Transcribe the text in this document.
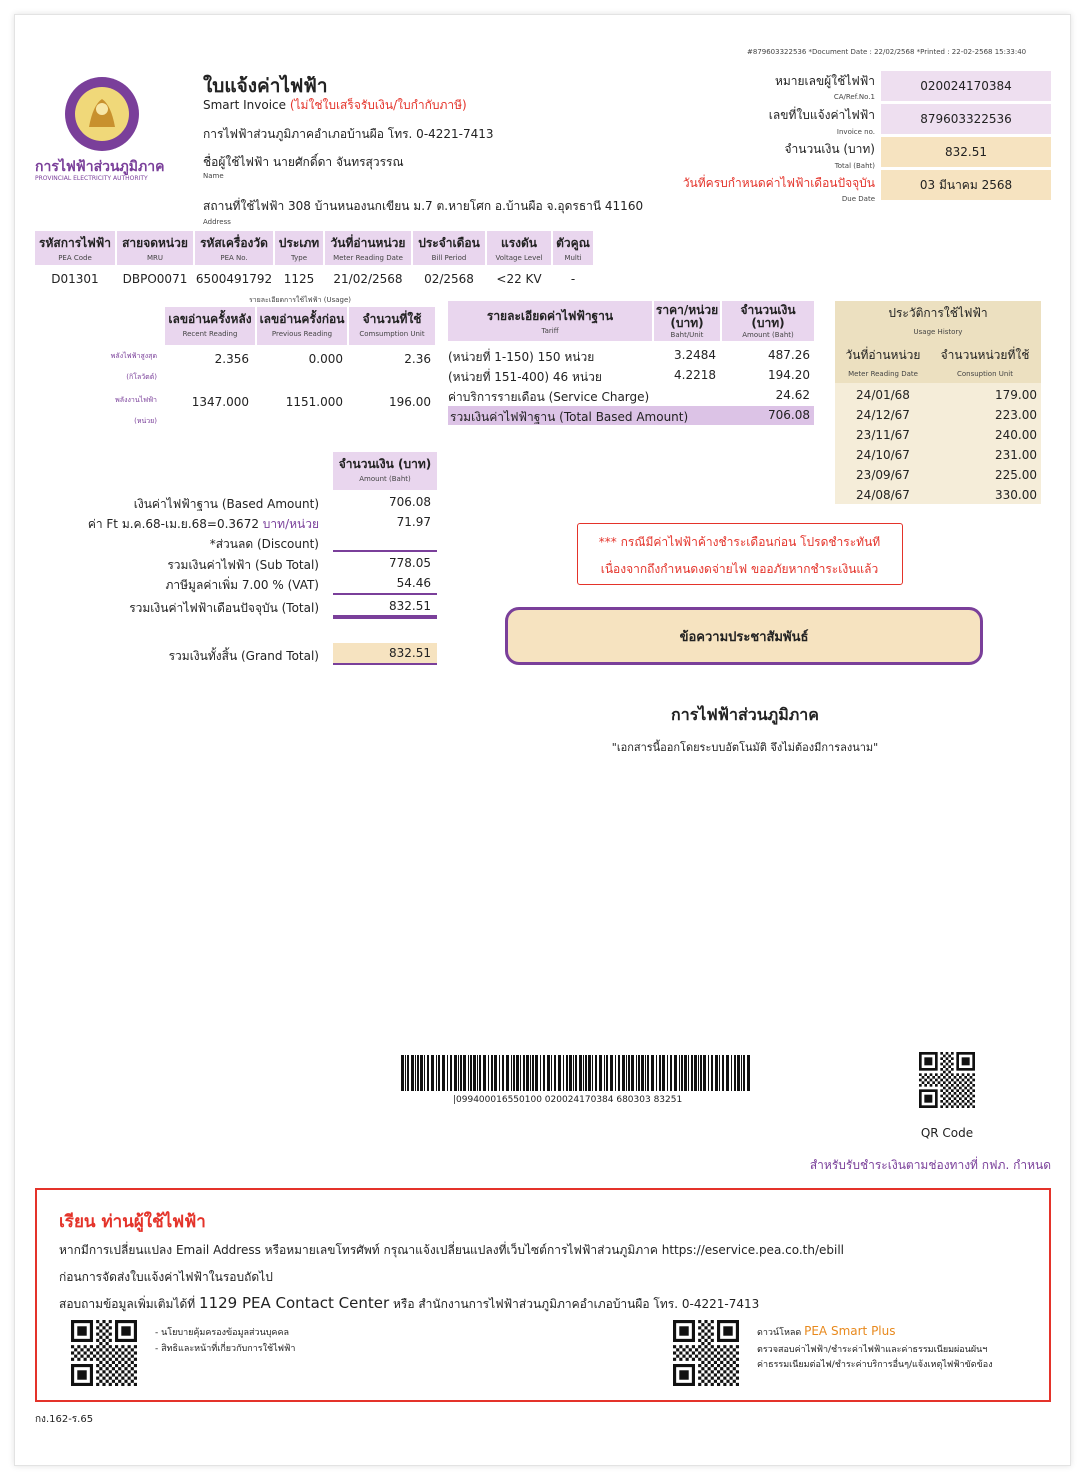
#879603322536 *Document Date : 22/02/2568 *Printed : 22-02-2568 15:33:40
การไฟฟ้าส่วนภูมิภาค
PROVINCIAL ELECTRICITY AUTHORITY
ใบแจ้งค่าไฟฟ้า
Smart Invoice (ไม่ใช่ใบเสร็จรับเงิน/ใบกำกับภาษี)
การไฟฟ้าส่วนภูมิภาคอำเภอบ้านผือ โทร. 0-4221-7413
ชื่อผู้ใช้ไฟฟ้า นายศักดิ์ดา จันทรสุวรรณ
Name
สถานที่ใช้ไฟฟ้า 308 บ้านหนองนกเขียน ม.7 ต.หายโศก อ.บ้านผือ จ.อุดรธานี 41160
Address
หมายเลขผู้ใช้ไฟฟ้า
CA/Ref.No.1
020024170384
เลขที่ใบแจ้งค่าไฟฟ้า
Invoice no.
879603322536
จำนวนเงิน (บาท)
Total (Baht)
832.51
วันที่ครบกำหนดค่าไฟฟ้าเดือนปัจจุบัน
Due Date
03 มีนาคม 2568
รหัสการไฟฟ้า
PEA Code
สายจดหน่วย
MRU
รหัสเครื่องวัด
PEA No.
ประเภท
Type
วันที่อ่านหน่วย
Meter Reading Date
ประจำเดือน
Bill Period
แรงดัน
Voltage Level
ตัวคูณ
Multi
D01301	DBPO0071 6500491792 1125	21/02/2568	02/2568	<22 KV	-
รายละเอียดการใช้ไฟฟ้า (Usage)
เลขอ่านครั้งหลัง
Recent Reading
เลขอ่านครั้งก่อน
Previous Reading
จำนวนที่ใช้
Comsumption Unit
พลังไฟฟ้าสูงสุด
(กิโลวัตต์)
2.356	0.000	2.36
พลังงานไฟฟ้า
(หน่วย)
1347.000	1151.000	196.00
รายละเอียดค่าไฟฟ้าฐาน
Tariff
ราคา/หน่วย (บาท)
Baht/Unit
จำนวนเงิน (บาท)
Amount (Baht)
(หน่วยที่ 1-150) 150 หน่วย	3.2484	487.26
(หน่วยที่ 151-400) 46 หน่วย	4.2218	194.20
ค่าบริการรายเดือน (Service Charge)	24.62
รวมเงินค่าไฟฟ้าฐาน (Total Based Amount)	706.08
ประวัติการใช้ไฟฟ้า
Usage History
วันที่อ่านหน่วย
Meter Reading Date
จำนวนหน่วยที่ใช้
Consuption Unit
24/01/68	179.00
24/12/67	223.00
23/11/67	240.00
24/10/67	231.00
23/09/67	225.00
24/08/67	330.00
จำนวนเงิน (บาท)
Amount (Baht)
เงินค่าไฟฟ้าฐาน (Based Amount)	706.08
ค่า Ft ม.ค.68-เม.ย.68=0.3672 บาท/หน่วย	71.97
*ส่วนลด (Discount)
รวมเงินค่าไฟฟ้า (Sub Total)	778.05
ภาษีมูลค่าเพิ่ม 7.00 % (VAT)	54.46
รวมเงินค่าไฟฟ้าเดือนปัจจุบัน (Total)	832.51
รวมเงินทั้งสิ้น (Grand Total)	832.51
*** กรณีมีค่าไฟฟ้าค้างชำระเดือนก่อน โปรดชำระทันที
เนื่องจากถึงกำหนดงดจ่ายไฟ ขออภัยหากชำระเงินแล้ว
ข้อความประชาสัมพันธ์
การไฟฟ้าส่วนภูมิภาค
"เอกสารนี้ออกโดยระบบอัตโนมัติ จึงไม่ต้องมีการลงนาม"
|099400016550100 020024170384 680303 83251
QR Code
สำหรับรับชำระเงินตามช่องทางที่ กฟภ. กำหนด
เรียน ท่านผู้ใช้ไฟฟ้า
หากมีการเปลี่ยนแปลง Email Address หรือหมายเลขโทรศัพท์ กรุณาแจ้งเปลี่ยนแปลงที่เว็บไซต์การไฟฟ้าส่วนภูมิภาค https://eservice.pea.co.th/ebill
ก่อนการจัดส่งใบแจ้งค่าไฟฟ้าในรอบถัดไป
สอบถามข้อมูลเพิ่มเติมได้ที่ 1129 PEA Contact Center หรือ สำนักงานการไฟฟ้าส่วนภูมิภาคอำเภอบ้านผือ โทร. 0-4221-7413
- นโยบายคุ้มครองข้อมูลส่วนบุคคล
- สิทธิและหน้าที่เกี่ยวกับการใช้ไฟฟ้า
ดาวน์โหลด PEA Smart Plus
ตรวจสอบค่าไฟฟ้า/ชำระค่าไฟฟ้าและค่าธรรมเนียมผ่อนผันฯ
ค่าธรรมเนียมต่อไฟ/ชำระค่าบริการอื่นๆ/แจ้งเหตุไฟฟ้าขัดข้อง
กง.162-ร.65
